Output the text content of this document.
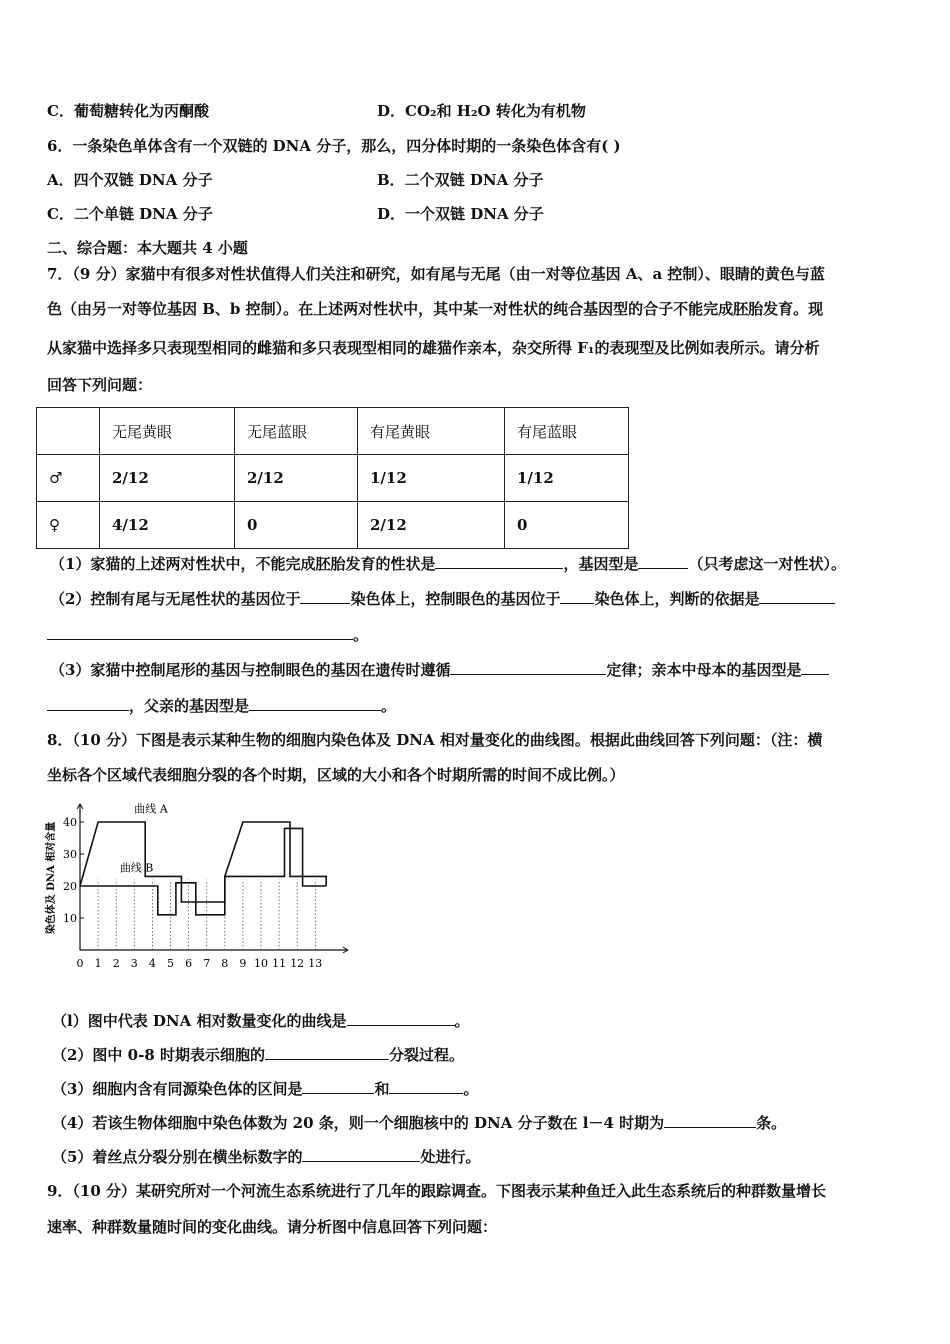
C．葡萄糖转化为丙酮酸	D．CO₂和 H₂O 转化为有机物
6．一条染色单体含有一个双链的 DNA 分子，那么，四分体时期的一条染色体含有( )
A．四个双链 DNA 分子	B．二个双链 DNA 分子
C．二个单链 DNA 分子	D．一个双链 DNA 分子
二、综合题：本大题共 4 小题
7．（9 分）家猫中有很多对性状值得人们关注和研究，如有尾与无尾（由一对等位基因 A、a 控制）、眼睛的黄色与蓝
色（由另一对等位基因 B、b 控制）。在上述两对性状中，其中某一对性状的纯合基因型的合子不能完成胚胎发育。现
从家猫中选择多只表现型相同的雌猫和多只表现型相同的雄猫作亲本，杂交所得 F₁的表现型及比例如表所示。请分析
回答下列问题：
	无尾黄眼	无尾蓝眼	有尾黄眼	有尾蓝眼
♂	2/12	2/12	1/12	1/12
♀	4/12	0	2/12	0
（1）家猫的上述两对性状中，不能完成胚胎发育的性状是	，基因型是	（只考虑这一对性状）。
（2）控制有尾与无尾性状的基因位于	染色体上，控制眼色的基因位于 染色体上，判断的依据是
。
（3）家猫中控制尾形的基因与控制眼色的基因在遗传时遵循	定律；亲本中母本的基因型是
，父亲的基因型是	。
8．（10 分）下图是表示某种生物的细胞内染色体及 DNA 相对量变化的曲线图。根据此曲线回答下列问题：（注：横
坐标各个区域代表细胞分裂的各个时期，区域的大小和各个时期所需的时间不成比例。）
10
20
30
40
染色体及 DNA 相对含量
0 1 2 3 4 5 6 7 8 9 10 11 12 13
曲线 A
曲线 B
（l）图中代表 DNA 相对数量变化的曲线是	。
（2）图中 0-8 时期表示细胞的	分裂过程。
（3）细胞内含有同源染色体的区间是	和	。
（4）若该生物体细胞中染色体数为 20 条，则一个细胞核中的 DNA 分子数在 l－4 时期为	条。
（5）着丝点分裂分别在横坐标数字的	处进行。
9．（10 分）某研究所对一个河流生态系统进行了几年的跟踪调查。下图表示某种鱼迁入此生态系统后的种群数量增长
速率、种群数量随时间的变化曲线。请分析图中信息回答下列问题：
